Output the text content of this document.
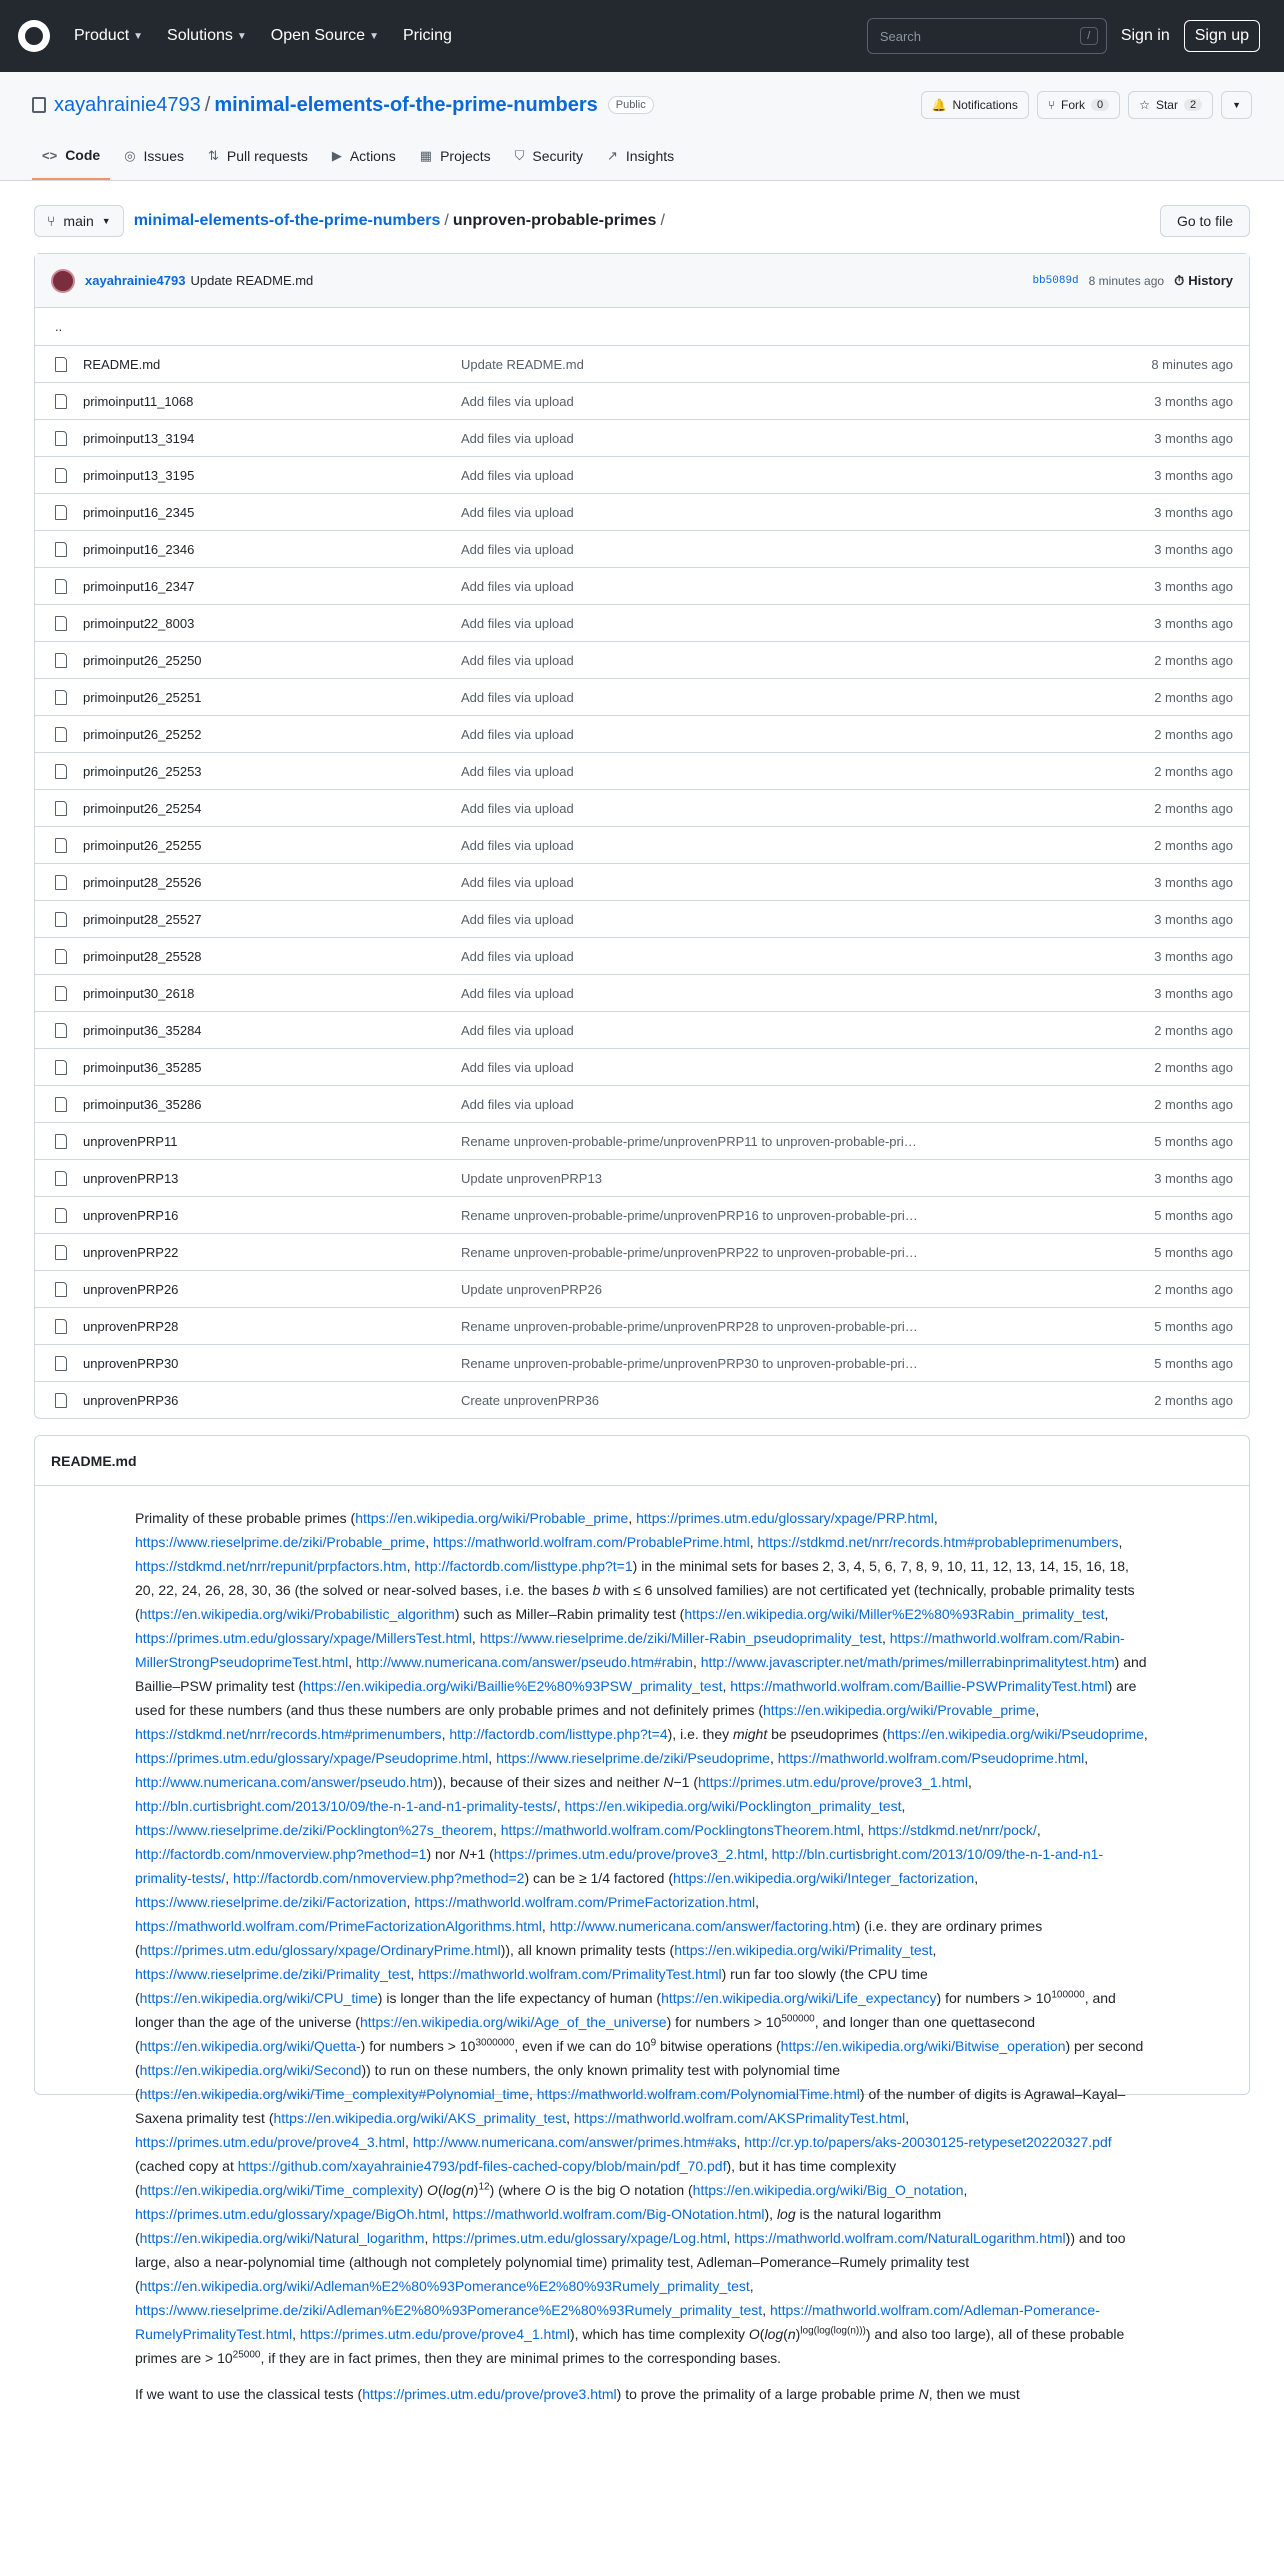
Product ▼ Solutions ▼ Open Source ▼ Pricing	Search	/	Sign in	Sign up
xayahrainie4793 / minimal-elements-of-the-prime-numbers	Public	🔔 Notifications	⑂ Fork	0	☆ Star	2	▼
<> Code ◎ Issues ⇅ Pull requests ▶ Actions ▦ Projects ⛉ Security ↗ Insights
⑂ main ▼ minimal-elements-of-the-prime-numbers / unproven-probable-primes /	Go to file
xayahrainie4793 Update README.md	bb5089d 8 minutes ago ⏱ History
..
README.md	Update README.md	8 minutes ago
primoinput11_1068	Add files via upload	3 months ago
primoinput13_3194	Add files via upload	3 months ago
primoinput13_3195	Add files via upload	3 months ago
primoinput16_2345	Add files via upload	3 months ago
primoinput16_2346	Add files via upload	3 months ago
primoinput16_2347	Add files via upload	3 months ago
primoinput22_8003	Add files via upload	3 months ago
primoinput26_25250	Add files via upload	2 months ago
primoinput26_25251	Add files via upload	2 months ago
primoinput26_25252	Add files via upload	2 months ago
primoinput26_25253	Add files via upload	2 months ago
primoinput26_25254	Add files via upload	2 months ago
primoinput26_25255	Add files via upload	2 months ago
primoinput28_25526	Add files via upload	3 months ago
primoinput28_25527	Add files via upload	3 months ago
primoinput28_25528	Add files via upload	3 months ago
primoinput30_2618	Add files via upload	3 months ago
primoinput36_35284	Add files via upload	2 months ago
primoinput36_35285	Add files via upload	2 months ago
primoinput36_35286	Add files via upload	2 months ago
unprovenPRP11	Rename unproven-probable-prime/unprovenPRP11 to unproven-probable-pri…	5 months ago
unprovenPRP13	Update unprovenPRP13	3 months ago
unprovenPRP16	Rename unproven-probable-prime/unprovenPRP16 to unproven-probable-pri…	5 months ago
unprovenPRP22	Rename unproven-probable-prime/unprovenPRP22 to unproven-probable-pri…	5 months ago
unprovenPRP26	Update unprovenPRP26	2 months ago
unprovenPRP28	Rename unproven-probable-prime/unprovenPRP28 to unproven-probable-pri…	5 months ago
unprovenPRP30	Rename unproven-probable-prime/unprovenPRP30 to unproven-probable-pri…	5 months ago
unprovenPRP36	Create unprovenPRP36	2 months ago
README.md

Primality of these probable primes (https://en.wikipedia.org/wiki/Probable_prime, https://primes.utm.edu/glossary/xpage/PRP.html, https://www.rieselprime.de/ziki/Probable_prime, https://mathworld.wolfram.com/ProbablePrime.html, https://stdkmd.net/nrr/records.htm#probableprimenumbers, https://stdkmd.net/nrr/repunit/prpfactors.htm, http://factordb.com/listtype.php?t=1) in the minimal sets for bases 2, 3, 4, 5, 6, 7, 8, 9, 10, 11, 12, 13, 14, 15, 16, 18, 20, 22, 24, 26, 28, 30, 36 (the solved or near-solved bases, i.e. the bases b with ≤ 6 unsolved families) are not certificated yet (technically, probable primality tests (https://en.wikipedia.org/wiki/Probabilistic_algorithm) such as Miller–Rabin primality test (https://en.wikipedia.org/wiki/Miller%E2%80%93Rabin_primality_test, https://primes.utm.edu/glossary/xpage/MillersTest.html, https://www.rieselprime.de/ziki/Miller-Rabin_pseudoprimality_test, https://mathworld.wolfram.com/Rabin-MillerStrongPseudoprimeTest.html, http://www.numericana.com/answer/pseudo.htm#rabin, http://www.javascripter.net/math/primes/millerrabinprimalitytest.htm) and Baillie–PSW primality test (https://en.wikipedia.org/wiki/Baillie%E2%80%93PSW_primality_test, https://mathworld.wolfram.com/Baillie-PSWPrimalityTest.html) are used for these numbers (and thus these numbers are only probable primes and not definitely primes (https://en.wikipedia.org/wiki/Provable_prime, https://stdkmd.net/nrr/records.htm#primenumbers, http://factordb.com/listtype.php?t=4), i.e. they might be pseudoprimes (https://en.wikipedia.org/wiki/Pseudoprime, https://primes.utm.edu/glossary/xpage/Pseudoprime.html, https://www.rieselprime.de/ziki/Pseudoprime, https://mathworld.wolfram.com/Pseudoprime.html, http://www.numericana.com/answer/pseudo.htm)), because of their sizes and neither N−1 (https://primes.utm.edu/prove/prove3_1.html, http://bln.curtisbright.com/2013/10/09/the-n-1-and-n1-primality-tests/, https://en.wikipedia.org/wiki/Pocklington_primality_test, https://www.rieselprime.de/ziki/Pocklington%27s_theorem, https://mathworld.wolfram.com/PocklingtonsTheorem.html, https://stdkmd.net/nrr/pock/, http://factordb.com/nmoverview.php?method=1) nor N+1 (https://primes.utm.edu/prove/prove3_2.html, http://bln.curtisbright.com/2013/10/09/the-n-1-and-n1-primality-tests/, http://factordb.com/nmoverview.php?method=2) can be ≥ 1/4 factored (https://en.wikipedia.org/wiki/Integer_factorization, https://www.rieselprime.de/ziki/Factorization, https://mathworld.wolfram.com/PrimeFactorization.html, https://mathworld.wolfram.com/PrimeFactorizationAlgorithms.html, http://www.numericana.com/answer/factoring.htm) (i.e. they are ordinary primes (https://primes.utm.edu/glossary/xpage/OrdinaryPrime.html)), all known primality tests (https://en.wikipedia.org/wiki/Primality_test, https://www.rieselprime.de/ziki/Primality_test, https://mathworld.wolfram.com/PrimalityTest.html) run far too slowly (the CPU time (https://en.wikipedia.org/wiki/CPU_time) is longer than the life expectancy of human (https://en.wikipedia.org/wiki/Life_expectancy) for numbers > $10^{100000}$, and longer than the age of the universe (https://en.wikipedia.org/wiki/Age_of_the_universe) for numbers > $10^{500000}$, and longer than one quettasecond (https://en.wikipedia.org/wiki/Quetta-) for numbers > $10^{3000000}$, even if we can do $10^9$ bitwise operations (https://en.wikipedia.org/wiki/Bitwise_operation) per second (https://en.wikipedia.org/wiki/Second)) to run on these numbers, the only known primality test with polynomial time (https://en.wikipedia.org/wiki/Time_complexity#Polynomial_time, https://mathworld.wolfram.com/PolynomialTime.html) of the number of digits is Agrawal–Kayal–Saxena primality test (https://en.wikipedia.org/wiki/AKS_primality_test, https://mathworld.wolfram.com/AKSPrimalityTest.html, https://primes.utm.edu/prove/prove4_3.html, http://www.numericana.com/answer/primes.htm#aks, http://cr.yp.to/papers/aks-20030125-retypeset20220327.pdf (cached copy at https://github.com/xayahrainie4793/pdf-files-cached-copy/blob/main/pdf_70.pdf), but it has time complexity (https://en.wikipedia.org/wiki/Time_complexity) $O(\log(n)^{12})$ (where O is the big O notation (https://en.wikipedia.org/wiki/Big_O_notation, https://primes.utm.edu/glossary/xpage/BigOh.html, https://mathworld.wolfram.com/Big-ONotation.html), log is the natural logarithm (https://en.wikipedia.org/wiki/Natural_logarithm, https://primes.utm.edu/glossary/xpage/Log.html, https://mathworld.wolfram.com/NaturalLogarithm.html)) and too large, also a near-polynomial time (although not completely polynomial time) primality test, Adleman–Pomerance–Rumely primality test (https://en.wikipedia.org/wiki/Adleman%E2%80%93Pomerance%E2%80%93Rumely_primality_test, https://www.rieselprime.de/ziki/Adleman%E2%80%93Pomerance%E2%80%93Rumely_primality_test, https://mathworld.wolfram.com/Adleman-Pomerance-RumelyPrimalityTest.html, https://primes.utm.edu/prove/prove4_1.html), which has time complexity $O(\log(n)^{log(log(log(n)))})$ and also too large), all of these probable primes are > $10^{25000}$, if they are in fact primes, then they are minimal primes to the corresponding bases.

If we want to use the classical tests (https://primes.utm.edu/prove/prove3.html) to prove the primality of a large probable prime N, then we must
